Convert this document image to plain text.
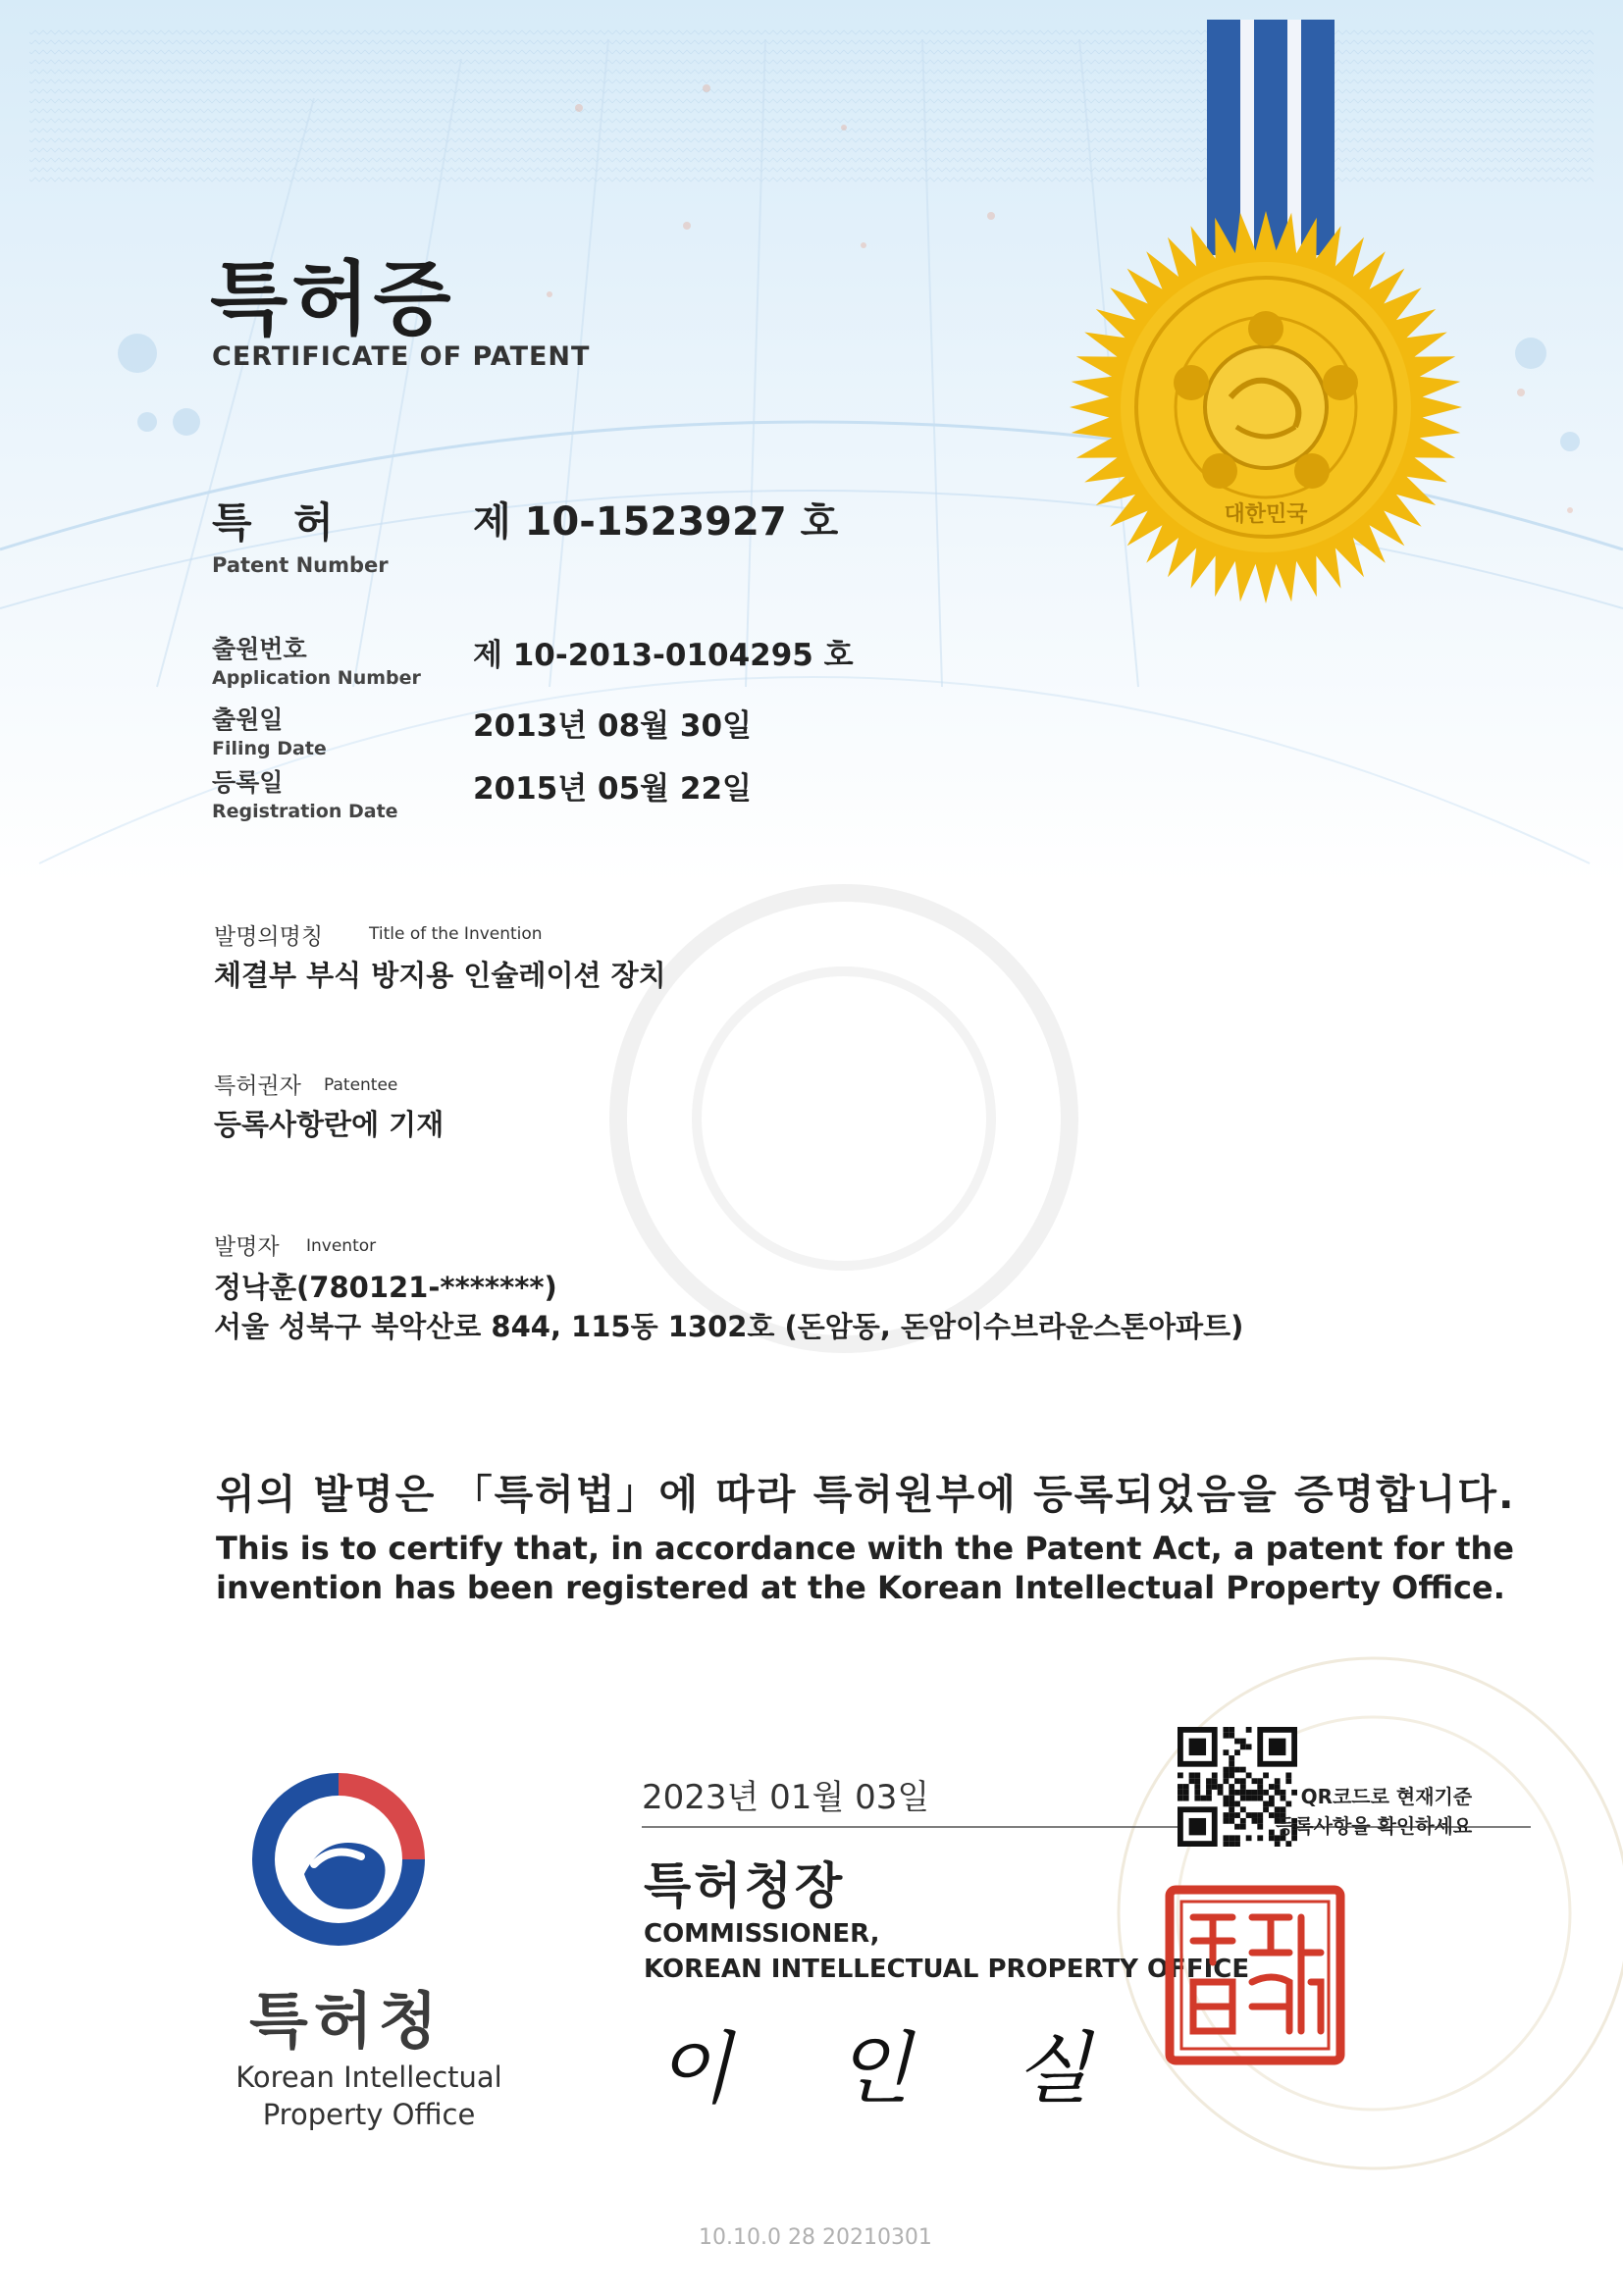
대한민국
특허증
CERTIFICATE OF PATENT
특 허
Patent Number
제 10-1523927 호
출원번호
Application Number
제 10-2013-0104295 호
출원일
Filing Date
2013년 08월 30일
등록일
Registration Date
2015년 05월 22일
발명의명칭	Title of the Invention
체결부 부식 방지용 인슐레이션 장치
특허권자 Patentee
등록사항란에 기재
발명자 Inventor
정낙훈(780121-*******)
서울 성북구 북악산로 844, 115동 1302호 (돈암동, 돈암이수브라운스톤아파트)
위의 발명은 「특허법」에 따라 특허원부에 등록되었음을 증명합니다.
This is to certify that, in accordance with the Patent Act, a patent for the invention has been registered at the Korean Intellectual Property Office.
2023년 01월 03일
특허청장
COMMISSIONER,
KOREAN INTELLECTUAL PROPERTY OFFICE
이 인 실
QR코드로 현재기준
등록사항을 확인하세요
특허청
Korean Intellectual
Property Office
10.10.0 28 20210301
